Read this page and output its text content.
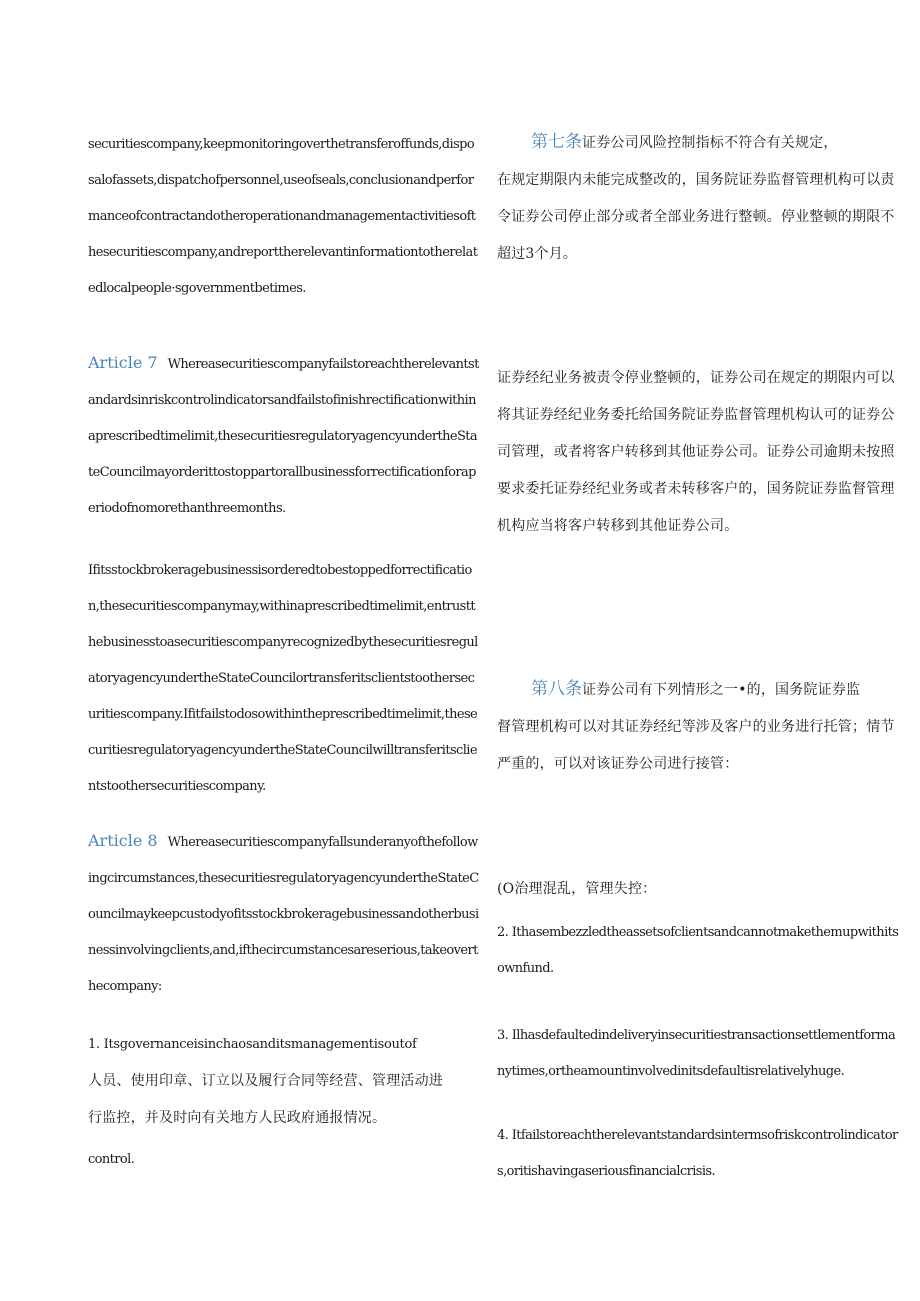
securitiescompany,keepmonitoringoverthetransferoffunds,disposalofassets,dispatchofpersonnel,useofseals,conclusionandperformanceofcontractandotheroperationandmanagementactivitiesofthesecuritiescompany,andreporttherelevantinformationtotherelatedlocalpeople·sgovernmentbetimes.

Article 7 Whereasecuritiescompanyfailstoreachtherelevantstandardsinriskcontrolindicatorsandfailstofinishrectificationwithinaprescribedtimelimit,thesecuritiesregulatoryagencyundertheStateCouncilmayorderittostoppartorallbusinessforrectificationforaperiodofnomorethanthreemonths.

Ifitsstockbrokeragebusinessisorderedtobestoppedforrectification,thesecuritiescompanymay,withinaprescribedtimelimit,entrustthebusinesstoasecuritiescompanyrecognizedbythesecuritiesregulatoryagencyundertheStateCouncilortransferitsclientstoothersecuritiescompany.Ifitfailstodosowithintheprescribedtimelimit,thesecuritiesregulatoryagencyundertheStateCouncilwilltransferitsclientstoothersecuritiescompany.

Article 8 Whereasecuritiescompanyfallsunderanyofthefollowingcircumstances,thesecuritiesregulatoryagencyundertheStateCouncilmaykeepcustodyofitsstockbrokeragebusinessandotherbusinessinvolvingclients,and,ifthecircumstancesareserious,takeoverthecompany:

1. Itsgovernanceisinchaosanditsmanagementisoutof

人员、使用印章、订立以及履行合同等经营、管理活动进

行监控，并及时向有关地方人民政府通报情况。

control.

第七条证券公司风险控制指标不符合有关规定，

在规定期限内未能完成整改的，国务院证券监督管理机构可以责令证券公司停止部分或者全部业务进行整顿。停业整顿的期限不超过3个月。

证券经纪业务被责令停业整顿的，证券公司在规定的期限内可以将其证券经纪业务委托给国务院证券监督管理机构认可的证券公司管理，或者将客户转移到其他证券公司。证券公司逾期未按照要求委托证券经纪业务或者未转移客户的，国务院证券监督管理机构应当将客户转移到其他证券公司。

第八条证券公司有下列情形之一•的，国务院证券监

督管理机构可以对其证券经纪等涉及客户的业务进行托管；情节严重的，可以对该证券公司进行接管：

(O治理混乱，管理失控：

2. Ithasembezzledtheassetsofclientsandcannotmakethemupwithitsownfund.

3. Ilhasdefaultedindeliveryinsecuritiestransactionsettlementformanytimes,ortheamountinvolvedinitsdefaultisrelativelyhuge.

4. Itfailstoreachtherelevantstandardsintermsofriskcontrolindicators,oritishavingaseriousfinancialcrisis.
